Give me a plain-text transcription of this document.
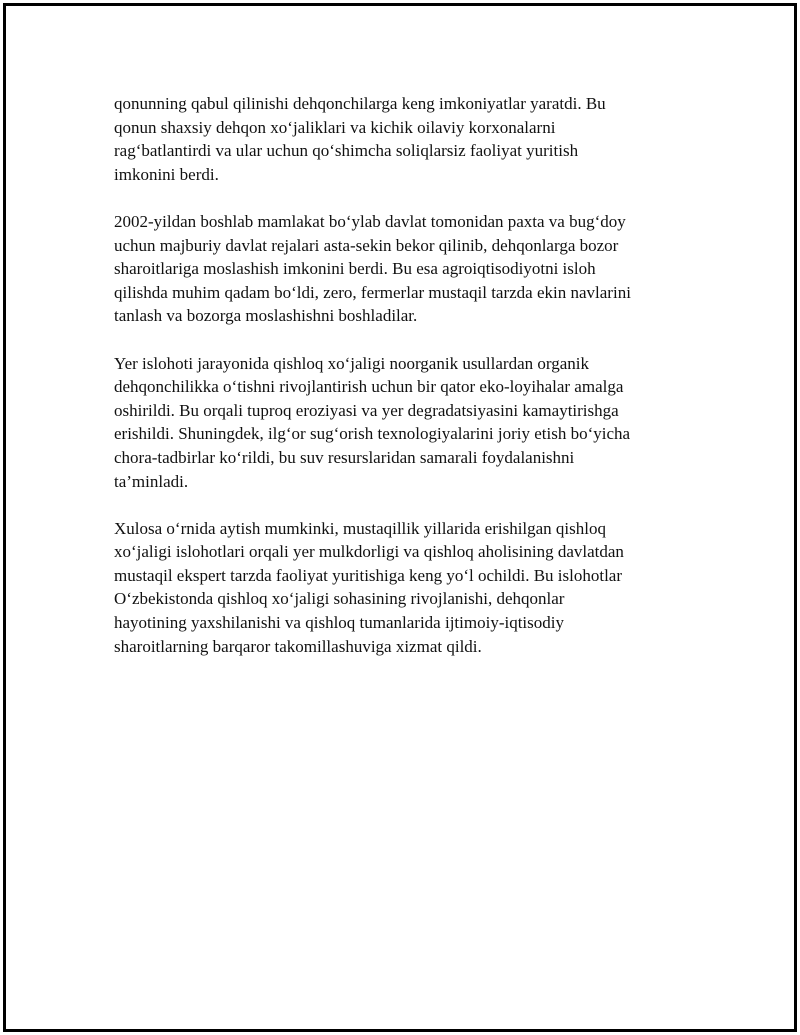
qonunning qabul qilinishi dehqonchilarga keng imkoniyatlar yaratdi. Bu
qonun shaxsiy dehqon xo‘jaliklari va kichik oilaviy korxonalarni
rag‘batlantirdi va ular uchun qo‘shimcha soliqlarsiz faoliyat yuritish
imkonini berdi.

2002-yildan boshlab mamlakat bo‘ylab davlat tomonidan paxta va bug‘doy
uchun majburiy davlat rejalari asta-sekin bekor qilinib, dehqonlarga bozor
sharoitlariga moslashish imkonini berdi. Bu esa agroiqtisodiyotni isloh
qilishda muhim qadam bo‘ldi, zero, fermerlar mustaqil tarzda ekin navlarini
tanlash va bozorga moslashishni boshladilar.

Yer islohoti jarayonida qishloq xo‘jaligi noorganik usullardan organik
dehqonchilikka o‘tishni rivojlantirish uchun bir qator eko-loyihalar amalga
oshirildi. Bu orqali tuproq eroziyasi va yer degradatsiyasini kamaytirishga
erishildi. Shuningdek, ilg‘or sug‘orish texnologiyalarini joriy etish bo‘yicha
chora-tadbirlar ko‘rildi, bu suv resurslaridan samarali foydalanishni
ta’minladi.

Xulosa o‘rnida aytish mumkinki, mustaqillik yillarida erishilgan qishloq
xo‘jaligi islohotlari orqali yer mulkdorligi va qishloq aholisining davlatdan
mustaqil ekspert tarzda faoliyat yuritishiga keng yo‘l ochildi. Bu islohotlar
O‘zbekistonda qishloq xo‘jaligi sohasining rivojlanishi, dehqonlar
hayotining yaxshilanishi va qishloq tumanlarida ijtimoiy-iqtisodiy
sharoitlarning barqaror takomillashuviga xizmat qildi.
